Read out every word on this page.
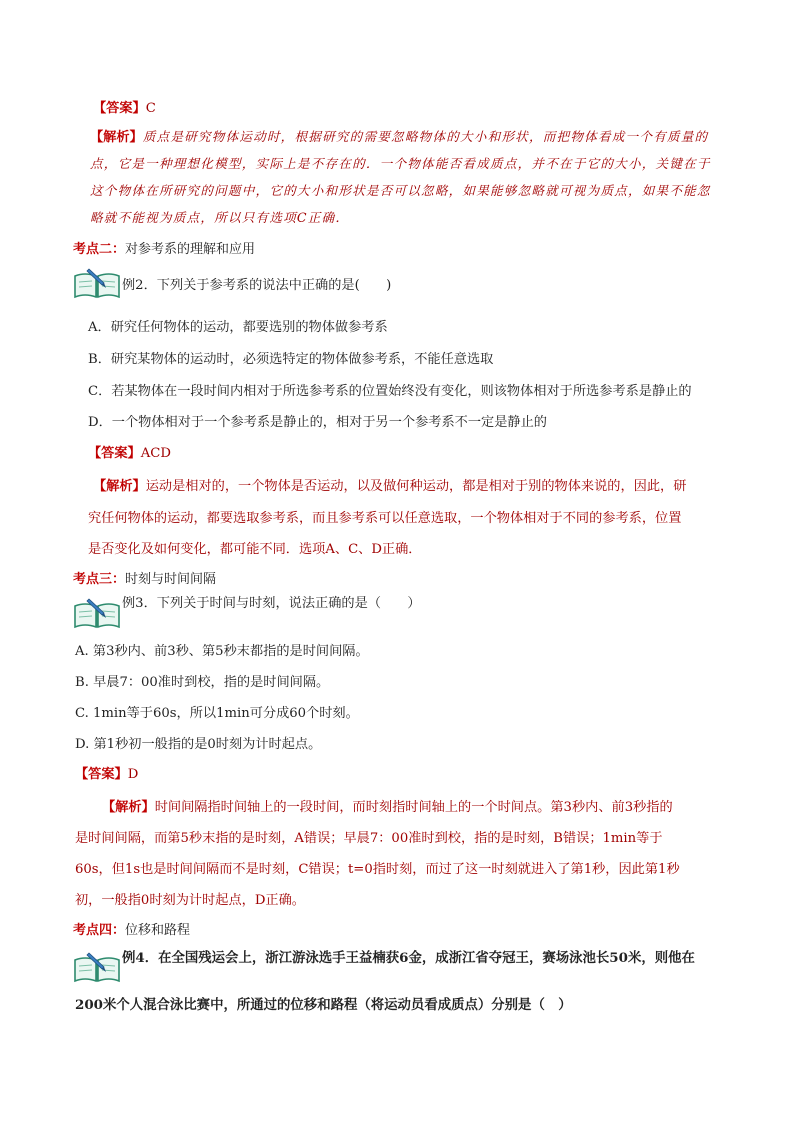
【答案】C
【解析】质点是研究物体运动时，根据研究的需要忽略物体的大小和形状，而把物体看成一个有质量的
点，它是一种理想化模型，实际上是不存在的．一个物体能否看成质点，并不在于它的大小，关键在于
这个物体在所研究的问题中，它的大小和形状是否可以忽略，如果能够忽略就可视为质点，如果不能忽
略就不能视为质点，所以只有选项C正确．
考点二：对参考系的理解和应用
例2．下列关于参考系的说法中正确的是(　　)
A．研究任何物体的运动，都要选别的物体做参考系
B．研究某物体的运动时，必须选特定的物体做参考系，不能任意选取
C．若某物体在一段时间内相对于所选参考系的位置始终没有变化，则该物体相对于所选参考系是静止的
D．一个物体相对于一个参考系是静止的，相对于另一个参考系不一定是静止的
【答案】ACD
【解析】运动是相对的，一个物体是否运动，以及做何种运动，都是相对于别的物体来说的，因此，研
究任何物体的运动，都要选取参考系，而且参考系可以任意选取，一个物体相对于不同的参考系，位置
是否变化及如何变化，都可能不同．选项A、C、D正确．
考点三：时刻与时间间隔
例3．下列关于时间与时刻，说法正确的是（　　）
A. 第3秒内、前3秒、第5秒末都指的是时间间隔。
B. 早晨7：00准时到校，指的是时间间隔。
C. 1min等于60s，所以1min可分成60个时刻。
D. 第1秒初一般指的是0时刻为计时起点。
【答案】D
【解析】时间间隔指时间轴上的一段时间，而时刻指时间轴上的一个时间点。第3秒内、前3秒指的
是时间间隔，而第5秒末指的是时刻，A错误；早晨7：00准时到校，指的是时刻，B错误；1min等于
60s，但1s也是时间间隔而不是时刻，C错误；t=0指时刻，而过了这一时刻就进入了第1秒，因此第1秒
初，一般指0时刻为计时起点，D正确。
考点四：位移和路程
例4．在全国残运会上，浙江游泳选手王益楠获6金，成浙江省夺冠王，赛场泳池长50米，则他在
200米个人混合泳比赛中，所通过的位移和路程（将运动员看成质点）分别是（　）
